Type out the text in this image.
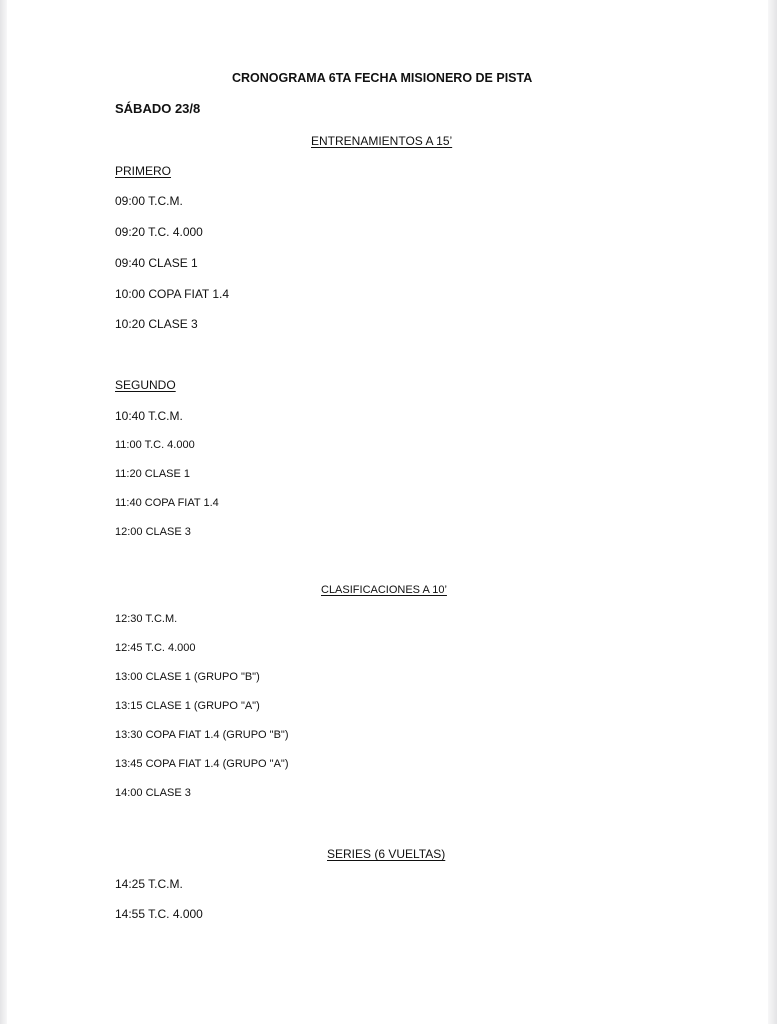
CRONOGRAMA 6TA FECHA MISIONERO DE PISTA
SÁBADO 23/8
ENTRENAMIENTOS A 15’
PRIMERO
09:00 T.C.M.
09:20 T.C. 4.000
09:40 CLASE 1
10:00 COPA FIAT 1.4
10:20 CLASE 3
SEGUNDO
10:40 T.C.M.
11:00 T.C. 4.000
11:20 CLASE 1
11:40 COPA FIAT 1.4
12:00 CLASE 3
CLASIFICACIONES A 10’
12:30 T.C.M.
12:45 T.C. 4.000
13:00 CLASE 1 (GRUPO "B")
13:15 CLASE 1 (GRUPO "A")
13:30 COPA FIAT 1.4 (GRUPO "B")
13:45 COPA FIAT 1.4 (GRUPO "A")
14:00 CLASE 3
SERIES (6 VUELTAS)
14:25 T.C.M.
14:55 T.C. 4.000
